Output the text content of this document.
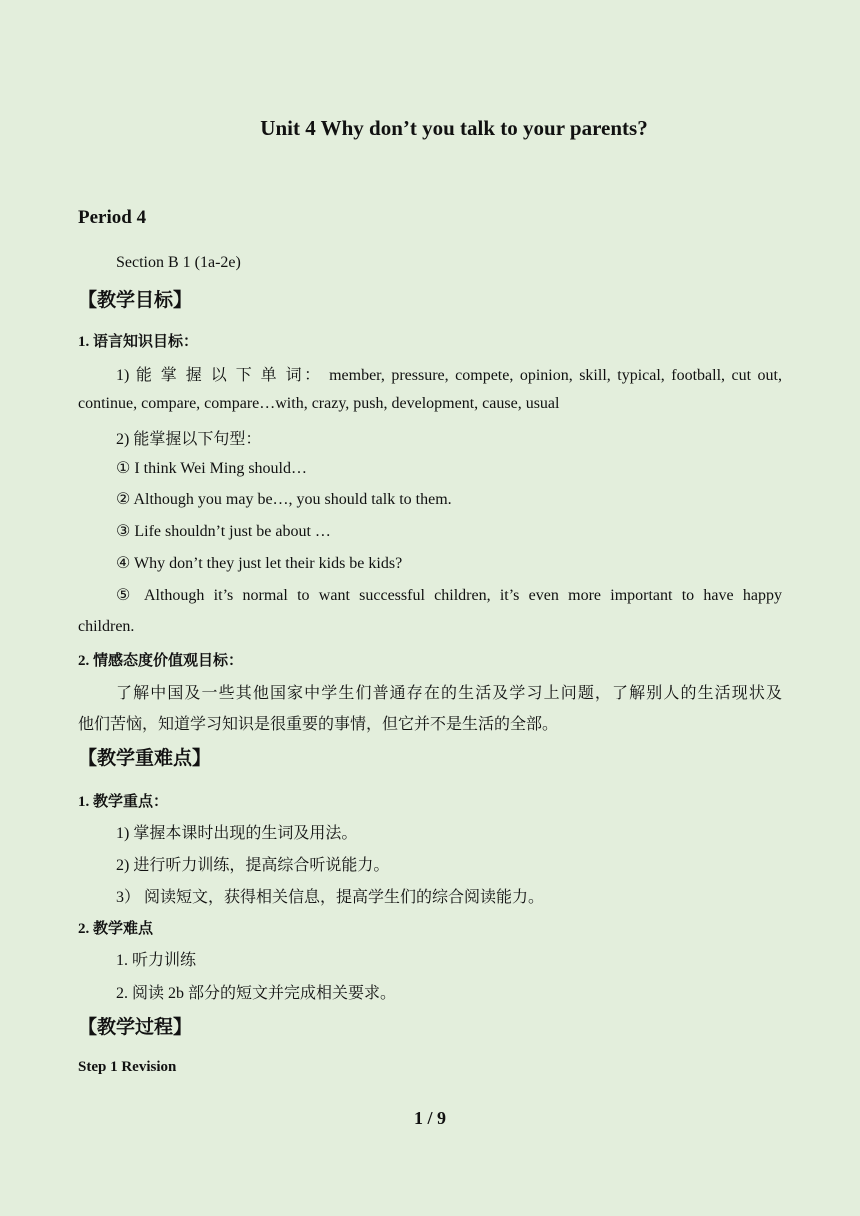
Unit 4 Why don’t you talk to your parents?
Period 4
Section B 1 (1a-2e)
【教学目标】
1. 语言知识目标：
1) 能 掌 握 以 下 单 词： member, pressure, compete, opinion, skill, typical, football, cut out,
continue, compare, compare…with, crazy, push, development, cause, usual
2) 能掌握以下句型：
① I think Wei Ming should…
② Although you may be…, you should talk to them.
③ Life shouldn’t just be about …
④ Why don’t they just let their kids be kids?
⑤ Although it’s normal to want successful children, it’s even more important to have happy
children.
2. 情感态度价值观目标：
了解中国及一些其他国家中学生们普通存在的生活及学习上问题，了解别人的生活现状及
他们苦恼，知道学习知识是很重要的事情，但它并不是生活的全部。
【教学重难点】
1. 教学重点：
1) 掌握本课时出现的生词及用法。
2) 进行听力训练，提高综合听说能力。
3） 阅读短文，获得相关信息，提高学生们的综合阅读能力。
2. 教学难点
1. 听力训练
2. 阅读 2b 部分的短文并完成相关要求。
【教学过程】
Step 1 Revision
1 / 9
